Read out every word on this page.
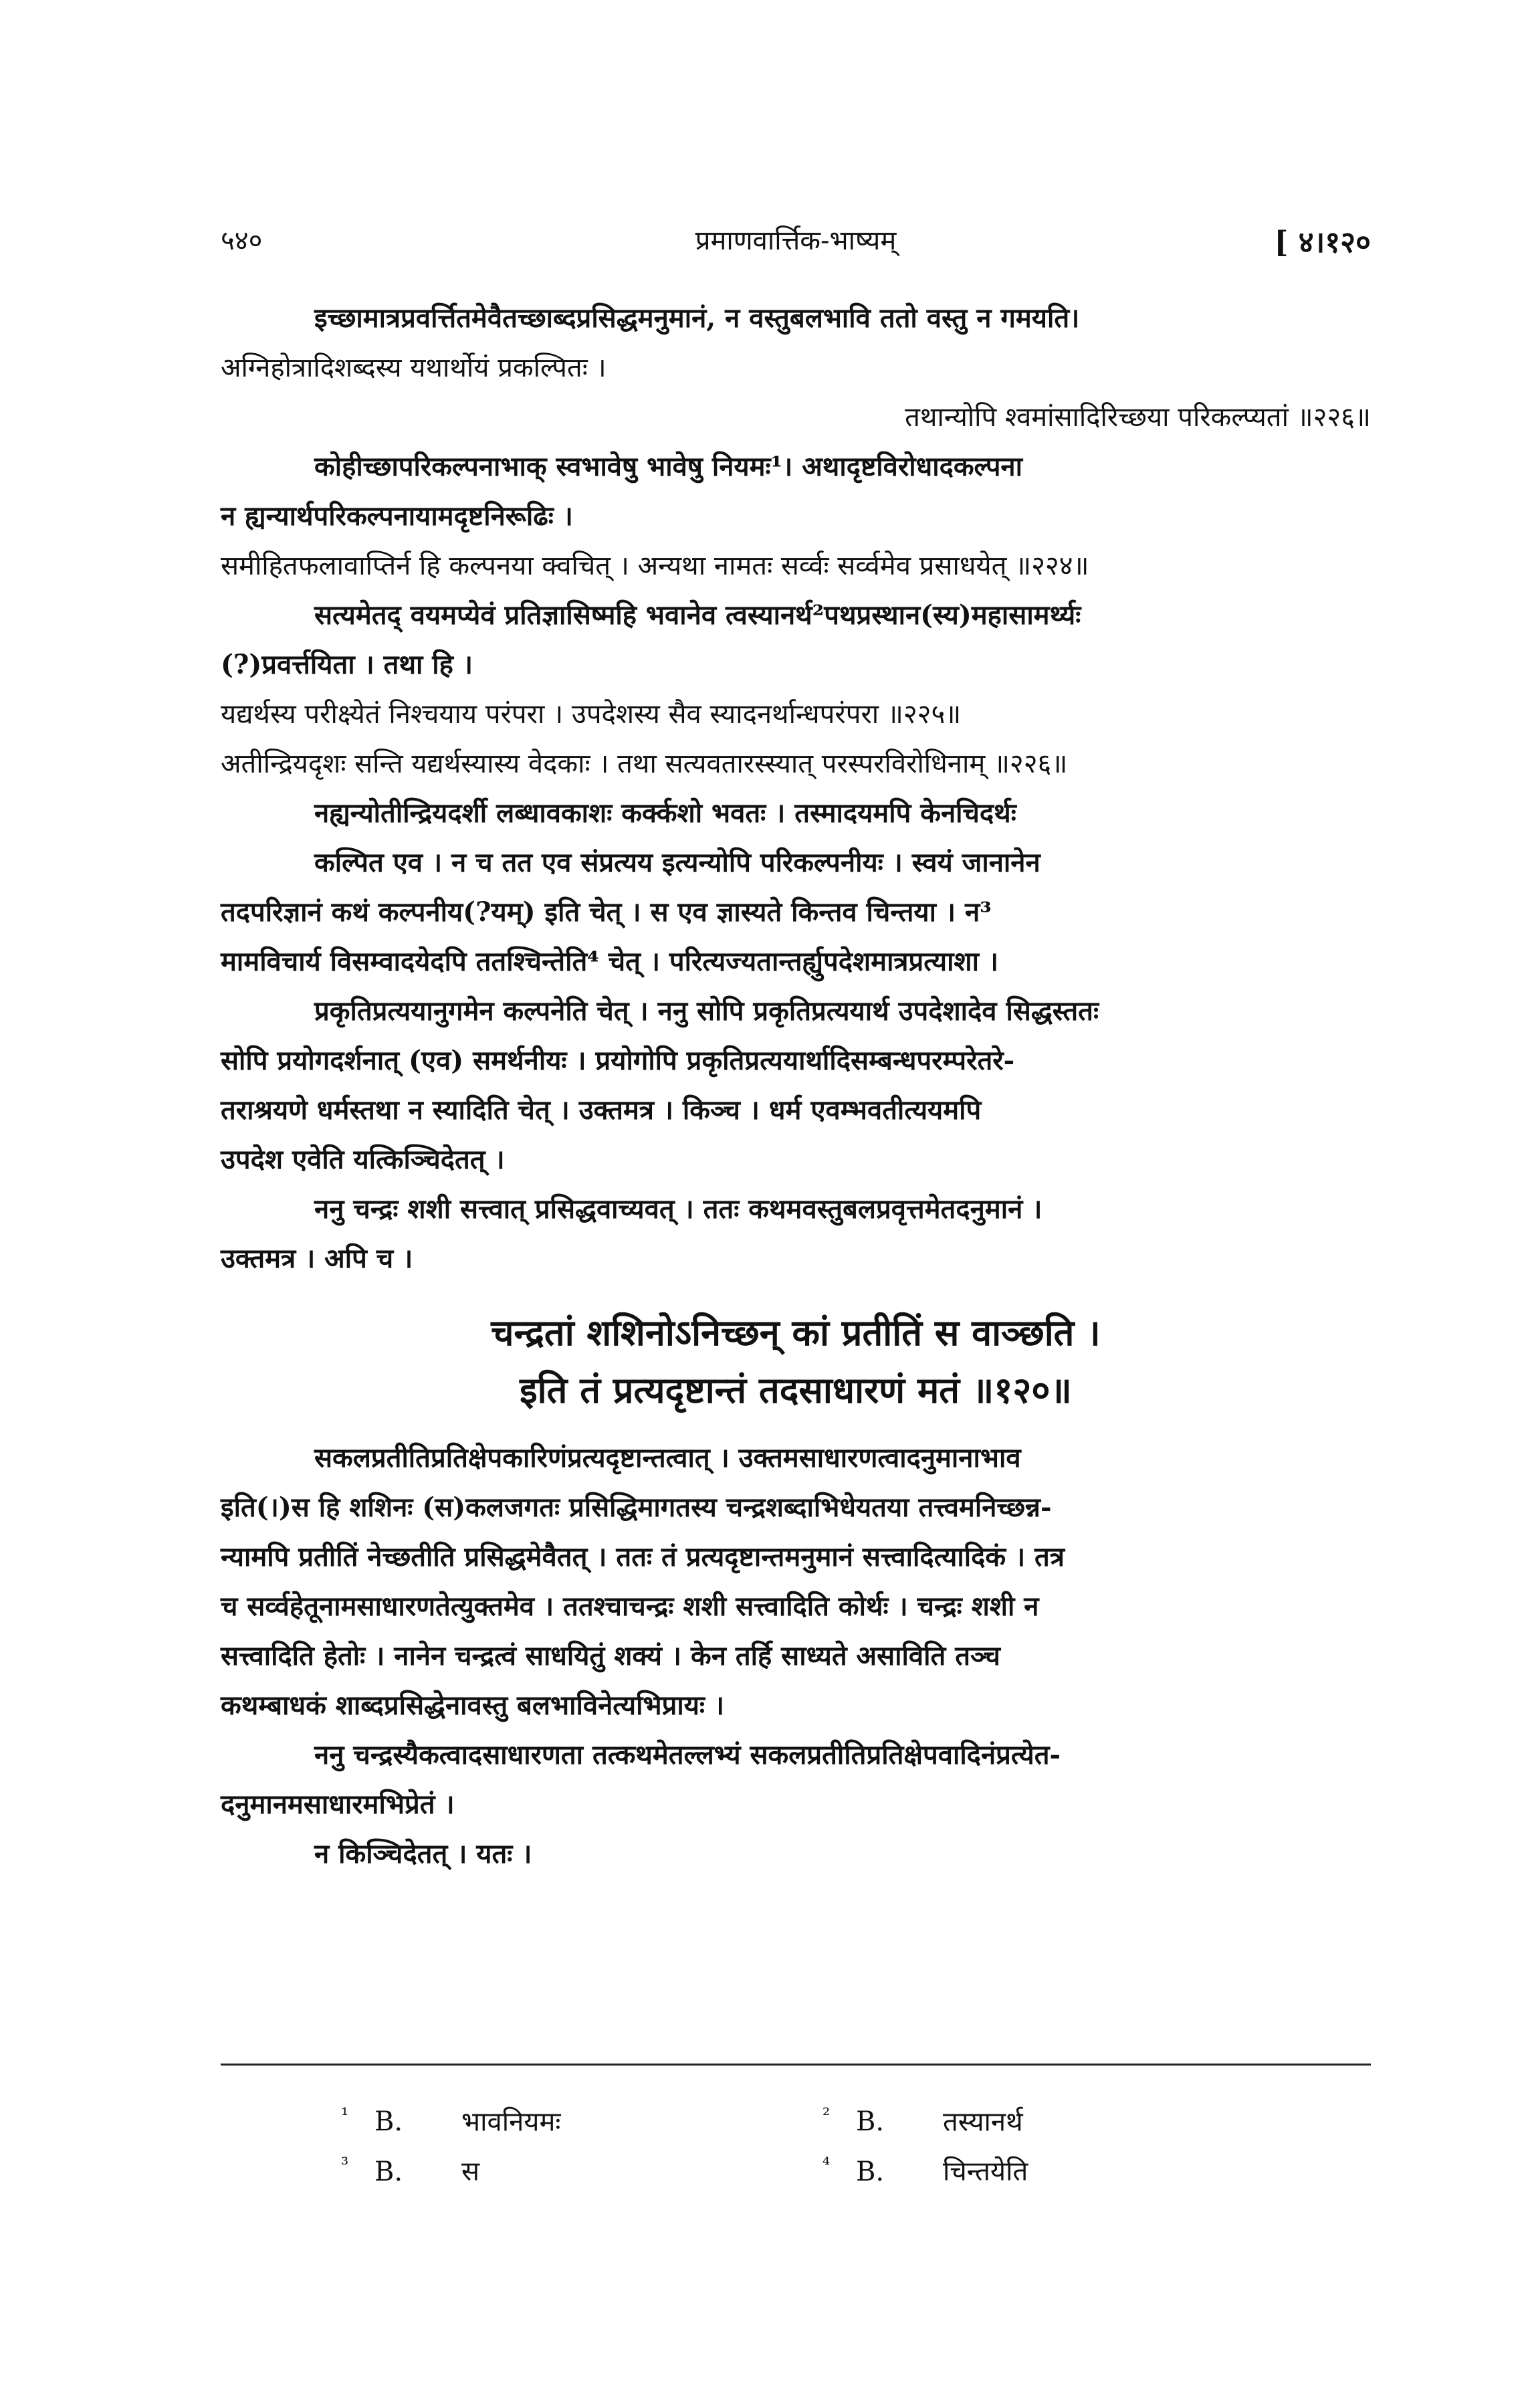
५४०	प्रमाणवार्त्तिक-भाष्यम्	[ ४।१२०
इच्छामात्रप्रवर्त्तितमेवैतच्छाब्दप्रसिद्धमनुमानं, न वस्तुबलभावि ततो वस्तु न गमयति।
अग्निहोत्रादिशब्दस्य यथार्थोयं प्रकल्पितः ।
तथान्योपि श्वमांसादिरिच्छया परिकल्प्यतां ॥२२६॥
कोहीच्छापरिकल्पनाभाक् स्वभावेषु भावेषु नियमः¹। अथादृष्टविरोधादकल्पना
न ह्यन्यार्थपरिकल्पनायामदृष्टनिरूढिः ।
समीहितफलावाप्तिर्न हि कल्पनया क्वचित् । अन्यथा नामतः सर्व्वः सर्व्वमेव प्रसाधयेत् ॥२२४॥
सत्यमेतद् वयमप्येवं प्रतिज्ञासिष्महि भवानेव त्वस्यानर्थ²पथप्रस्थान(स्य)महासामर्थ्यः
(?)प्रवर्त्तयिता । तथा हि ।
यद्यर्थस्य परीक्ष्येतं निश्चयाय परंपरा । उपदेशस्य सैव स्यादनर्थान्धपरंपरा ॥२२५॥
अतीन्द्रियदृशः सन्ति यद्यर्थस्यास्य वेदकाः । तथा सत्यवतारस्स्यात् परस्परविरोधिनाम् ॥२२६॥
नह्यन्योतीन्द्रियदर्शी लब्धावकाशः कर्क्कशो भवतः । तस्मादयमपि केनचिदर्थः
कल्पित एव । न च तत एव संप्रत्यय इत्यन्योपि परिकल्पनीयः । स्वयं जानानेन
तदपरिज्ञानं कथं कल्पनीय(?यम्) इति चेत् । स एव ज्ञास्यते किन्तव चिन्तया । न³
मामविचार्य विसम्वादयेदपि ततश्चिन्तेति⁴ चेत् । परित्यज्यतान्तर्ह्युपदेशमात्रप्रत्याशा ।
प्रकृतिप्रत्ययानुगमेन कल्पनेति चेत् । ननु सोपि प्रकृतिप्रत्ययार्थ उपदेशादेव सिद्धस्ततः
सोपि प्रयोगदर्शनात् (एव) समर्थनीयः । प्रयोगोपि प्रकृतिप्रत्ययार्थादिसम्बन्धपरम्परेतरे-
तराश्रयणे धर्मस्तथा न स्यादिति चेत् । उक्तमत्र । किञ्च । धर्म एवम्भवतीत्ययमपि
उपदेश एवेति यत्किञ्चिदेतत् ।
ननु चन्द्रः शशी सत्त्वात् प्रसिद्धवाच्यवत् । ततः कथमवस्तुबलप्रवृत्तमेतदनुमानं ।
उक्तमत्र । अपि च ।
चन्द्रतां शशिनोऽनिच्छन् कां प्रतीतिं स वाञ्छति ।
इति तं प्रत्यदृष्टान्तं तदसाधारणं मतं ॥१२०॥
सकलप्रतीतिप्रतिक्षेपकारिणंप्रत्यदृष्टान्तत्वात् । उक्तमसाधारणत्वादनुमानाभाव
इति(।)स हि शशिनः (स)कलजगतः प्रसिद्धिमागतस्य चन्द्रशब्दाभिधेयतया तत्त्वमनिच्छन्न-
न्यामपि प्रतीतिं नेच्छतीति प्रसिद्धमेवैतत् । ततः तं प्रत्यदृष्टान्तमनुमानं सत्त्वादित्यादिकं । तत्र
च सर्व्वहेतूनामसाधारणतेत्युक्तमेव । ततश्चाचन्द्रः शशी सत्त्वादिति कोर्थः । चन्द्रः शशी न
सत्त्वादिति हेतोः । नानेन चन्द्रत्वं साधयितुं शक्यं । केन तर्हि साध्यते असाविति तञ्च
कथम्बाधकं शाब्दप्रसिद्धेनावस्तु बलभाविनेत्यभिप्रायः ।
ननु चन्द्रस्यैकत्वादसाधारणता तत्कथमेतल्लभ्यं सकलप्रतीतिप्रतिक्षेपवादिनंप्रत्येत-
दनुमानमसाधारमभिप्रेतं ।
न किञ्चिदेतत् । यतः ।
¹ B. भावनियमः
³ B. स
² B. तस्यानर्थ
⁴ B. चिन्तयेति
